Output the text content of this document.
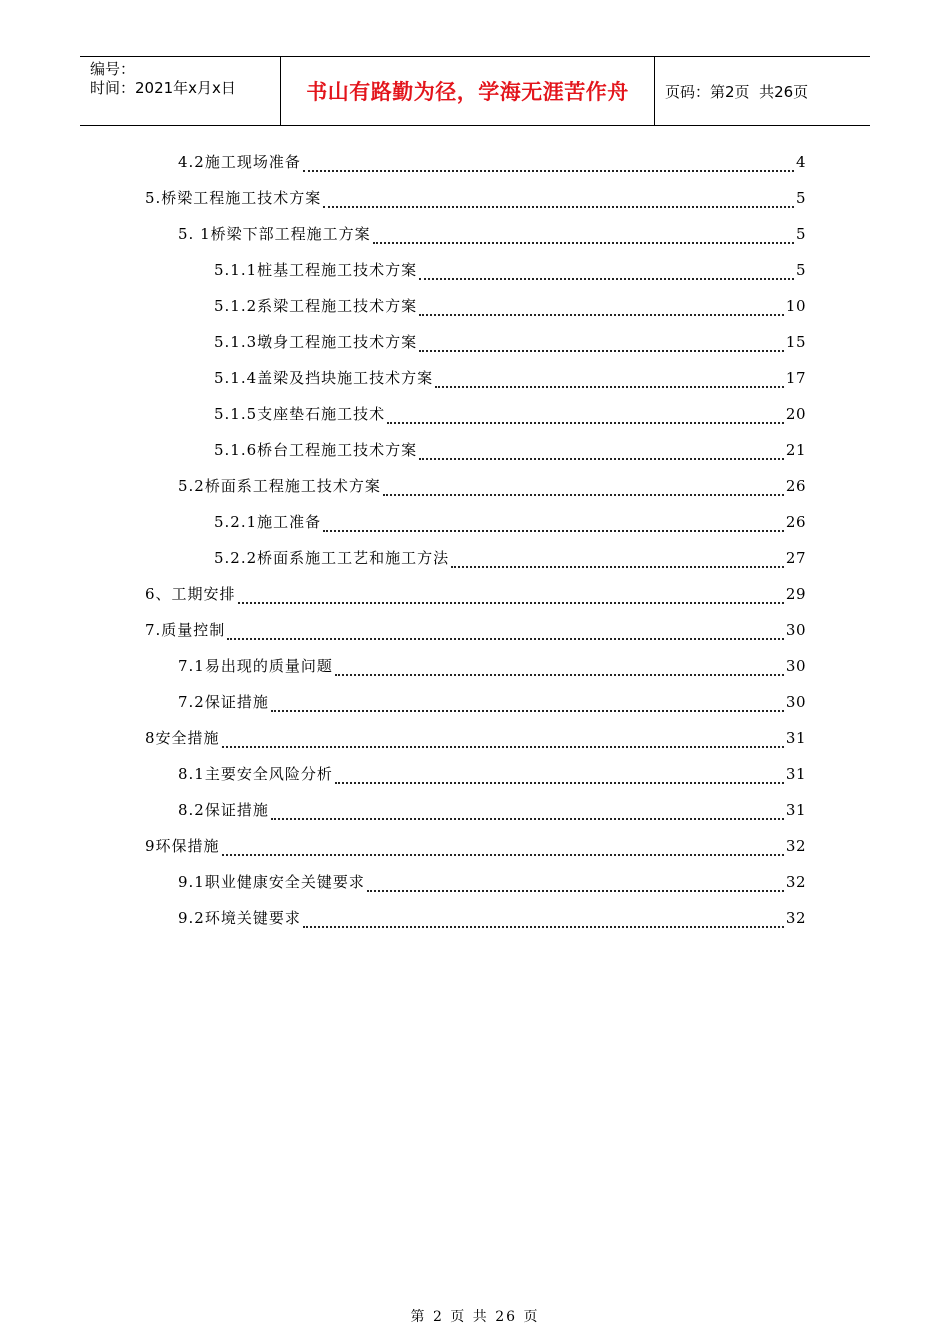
编号：
时间：2021年x月x日	书山有路勤为径，学海无涯苦作舟 页码：第2页  共26页
4.2施工现场准备	4
5.桥梁工程施工技术方案	5
5. 1桥梁下部工程施工方案	5
5.1.1桩基工程施工技术方案	5
5.1.2系梁工程施工技术方案	10
5.1.3墩身工程施工技术方案	15
5.1.4盖梁及挡块施工技术方案	17
5.1.5支座垫石施工技术	20
5.1.6桥台工程施工技术方案	21
5.2桥面系工程施工技术方案	26
5.2.1施工准备	26
5.2.2桥面系施工工艺和施工方法	27
6、工期安排	29
7.质量控制	30
7.1易出现的质量问题	30
7.2保证措施	30
8安全措施	31
8.1主要安全风险分析	31
8.2保证措施	31
9环保措施	32
9.1职业健康安全关键要求	32
9.2环境关键要求	32
第 2 页 共 26 页
